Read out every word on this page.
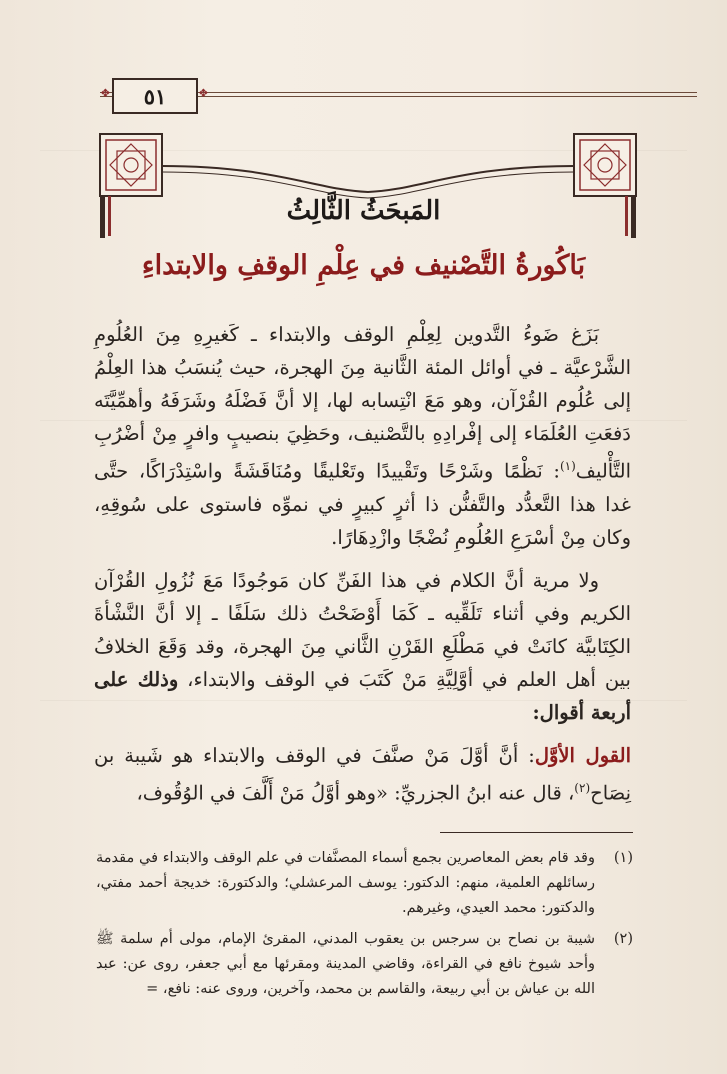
٥١
❖	❖
المَبحَثُ الثَّالِثُ
بَاكُورةُ التَّصْنيف في عِلْمِ الوقفِ والابتداءِ

بَزَغ ضَوءُ التَّدوين لِعِلْمِ الوقف والابتداء ـ كَغيرِهِ مِنَ العُلُومِ الشَّرْعيَّة ـ في أوائل المئة الثَّانية مِنَ الهجرة، حيث يُنسَبُ هذا العِلْمُ إلى عُلُوم القُرْآن، وهو مَعَ انْتِسابه لها، إلا أنَّ فَضْلَهُ وشَرَفَهُ وأهمِّيَّتَه دَفعَتِ العُلَمَاء إلى إفْرادِهِ بالتَّصْنيف، وحَظِيَ بنصيبٍ وافرٍ مِنْ أضْرُبِ التَّأْليف$^{(١)}$: نَظْمًا وشَرْحًا وتَقْييدًا وتَعْليقًا ومُنَاقَشَةً واسْتِدْرَاكًا، حتَّى غدا هذا التَّعدُّد والتَّفنُّن ذا أثرٍ كبيرٍ في نموِّه فاستوى على سُوقِهِ، وكان مِنْ أسْرَعِ العُلُومِ نُضْجًا وازْدِهَارًا.

ولا مرية أنَّ الكلام في هذا الفَنِّ كان مَوجُودًا مَعَ نُزُولِ القُرْآن الكريم وفي أثناء تَلَقِّيه ـ كَمَا أَوْضَحْتُ ذلك سَلَفًا ـ إلا أنَّ النَّشْأةَ الكِتَابيَّة كانَتْ في مَطْلَعِ القَرْنِ الثَّاني مِنَ الهجرة، وقد وَقَعَ الخلافُ بين أهل العلم في أوَّلِيَّةِ مَنْ كَتَبَ في الوقف والابتداء، وذلك على أربعة أقوال:

القول الأوَّل: أنَّ أوَّلَ مَنْ صنَّفَ في الوقف والابتداء هو شَيبة بن نِصَاح$^{(٢)}$، قال عنه ابنُ الجزريِّ: «وهو أوَّلُ مَنْ أَلَّفَ في الوُقُوف،

(١)
وقد قام بعض المعاصرين بجمع أسماء المصنَّفات في علم الوقف والابتداء في مقدمة رسائلهم العلمية، منهم: الدكتور: يوسف المرعشلي؛ والدكتورة: خديجة أحمد مفتي، والدكتور: محمد العيدي، وغيرهم.
(٢)
شيبة بن نصاح بن سرجس بن يعقوب المدني، المقرئ الإمام، مولى أم سلمة ﷺ وأحد شيوخ نافع في القراءة، وقاضي المدينة ومقرئها مع أبي جعفر، روى عن: عبد الله بن عياش بن أبي ربيعة، والقاسم بن محمد، وآخرين، وروى عنه: نافع، =
